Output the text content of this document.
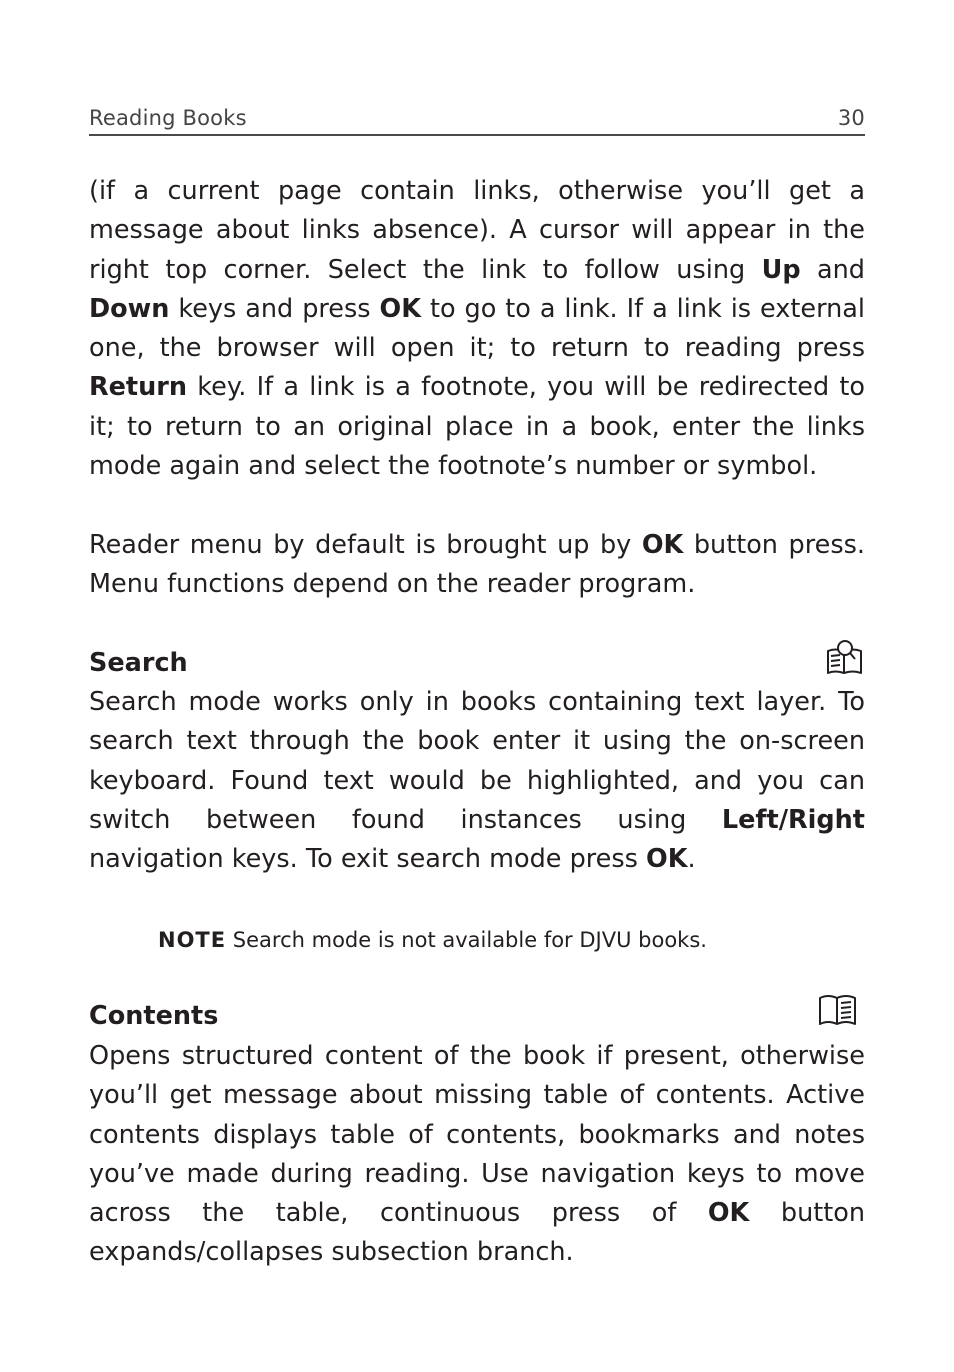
Reading Books	30

(if a current page contain links, otherwise you’ll get a message about links absence). A cursor will appear in the right top corner. Select the link to follow using Up and Down keys and press OK to go to a link. If a link is external one, the browser will open it; to return to reading press Return key. If a link is a footnote, you will be redirected to it; to return to an original place in a book, enter the links mode again and select the footnote’s number or symbol.

Reader menu by default is brought up by OK button press. Menu functions depend on the reader program.

Search

Search mode works only in books containing text layer. To search text through the book enter it using the on-screen keyboard. Found text would be highlighted, and you can switch between found instances using Left/Right navigation keys. To exit search mode press OK.

NOTE Search mode is not available for DJVU books.
Contents

Opens structured content of the book if present, otherwise you’ll get message about missing table of contents. Active contents displays table of contents, bookmarks and notes you’ve made during reading. Use navigation keys to move across the table, continuous press of OK button expands/collapses subsection branch.
